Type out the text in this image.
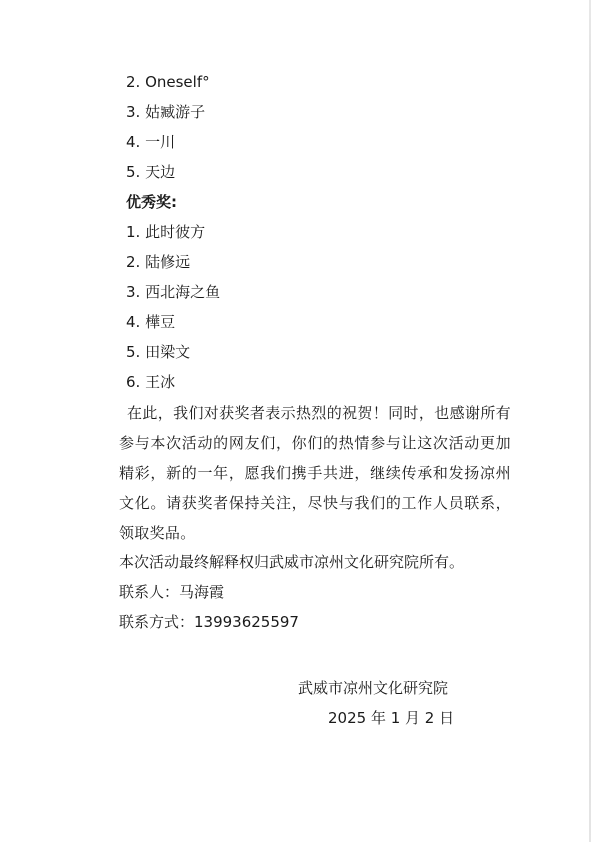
2. Oneself°
3. 姑臧游子
4. 一川
5. 天边
优秀奖:
1. 此时彼方
2. 陆修远
3. 西北海之鱼
4. 樺豆
5. 田梁文
6. 王冰
在此，我们对获奖者表示热烈的祝贺！同时，也感谢所有参与本次活动的网友们，你们的热情参与让这次活动更加精彩，新的一年，愿我们携手共进，继续传承和发扬凉州文化。请获奖者保持关注，尽快与我们的工作人员联系，领取奖品。
本次活动最终解释权归武威市凉州文化研究院所有。
联系人：马海霞
联系方式：13993625597
武威市凉州文化研究院
2025 年 1 月 2 日
